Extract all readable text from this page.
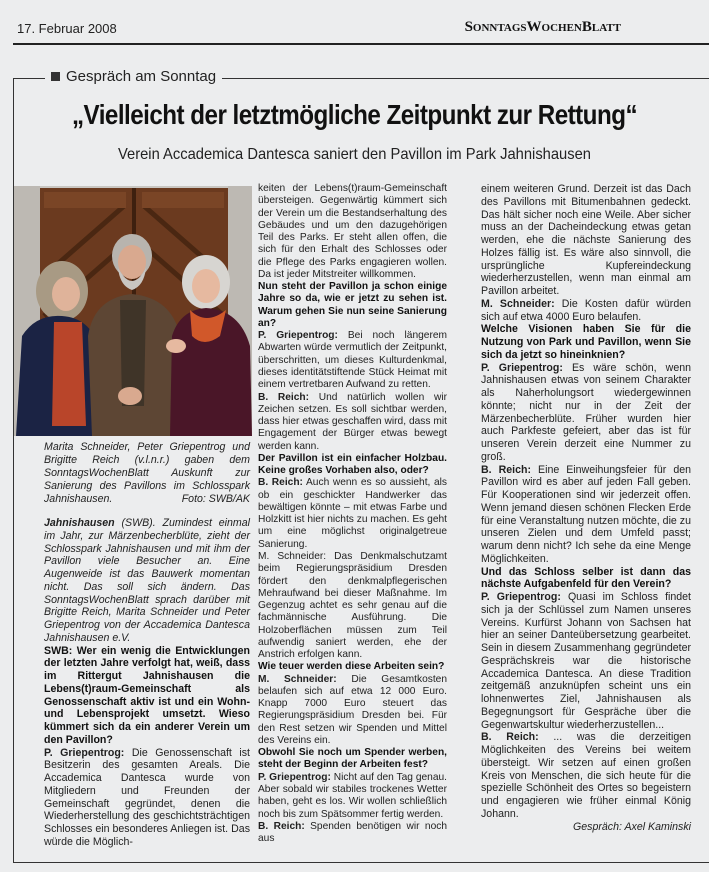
17. Februar 2008	SonntagsWochenBlatt
Gespräch am Sonntag
„Vielleicht der letztmögliche Zeitpunkt zur Rettung“
Verein Accademica Dantesca saniert den Pavillon im Park Jahnishausen
Marita Schneider, Peter Griepentrog und Brigitte Reich (v.l.n.r.) gaben dem SonntagsWochenBlatt Auskunft zur Sanierung des Pavillons im Schlosspark Jahnishausen.	Foto: SWB/AK

Jahnishausen (SWB). Zumindest einmal im Jahr, zur Märzenbecherblüte, zieht der Schlosspark Jahnishausen und mit ihm der Pavillon viele Besucher an. Eine Augenweide ist das Bauwerk momentan nicht. Das soll sich ändern. Das SonntagsWochenBlatt sprach darüber mit Brigitte Reich, Marita Schneider und Peter Griepentrog von der Accademica Dantesca Jahnishausen e.V.

SWB: Wer ein wenig die Entwicklungen der letzten Jahre verfolgt hat, weiß, dass im Rittergut Jahnishausen die Lebens(t)raum-Gemeinschaft als Genossenschaft aktiv ist und ein Wohn- und Lebensprojekt umsetzt. Wieso kümmert sich da ein anderer Verein um den Pavillon?

P. Griepentrog: Die Genossenschaft ist Besitzerin des gesamten Areals. Die Accademica Dantesca wurde von Mitgliedern und Freunden der Gemeinschaft gegründet, denen die Wiederherstellung des geschichtsträchtigen Schlosses ein besonderes Anliegen ist. Das würde die Möglich-

keiten der Lebens(t)raum-Gemeinschaft übersteigen. Gegenwärtig kümmert sich der Verein um die Bestandserhaltung des Gebäudes und um den dazugehörigen Teil des Parks. Er steht allen offen, die sich für den Erhalt des Schlosses oder die Pflege des Parks engagieren wollen. Da ist jeder Mitstreiter willkommen.

Nun steht der Pavillon ja schon einige Jahre so da, wie er jetzt zu sehen ist. Warum gehen Sie nun seine Sanierung an?

P. Griepentrog: Bei noch längerem Abwarten würde vermutlich der Zeitpunkt, überschritten, um dieses Kulturdenkmal, dieses identitätstiftende Stück Heimat mit einem vertretbaren Aufwand zu retten.

B. Reich: Und natürlich wollen wir Zeichen setzen. Es soll sichtbar werden, dass hier etwas geschaffen wird, dass mit Engagement der Bürger etwas bewegt werden kann.

Der Pavillon ist ein einfacher Holzbau. Keine großes Vorhaben also, oder?

B. Reich: Auch wenn es so aussieht, als ob ein geschickter Handwerker das bewältigen könnte – mit etwas Farbe und Holzkitt ist hier nichts zu machen. Es geht um eine möglichst originalgetreue Sanierung.

M. Schneider: Das Denkmalschutzamt beim Regierungspräsidium Dresden fördert den denkmalpflegerischen Mehraufwand bei dieser Maßnahme. Im Gegenzug achtet es sehr genau auf die fachmännische Ausführung. Die Holzoberflächen müssen zum Teil aufwendig saniert werden, ehe der Anstrich erfolgen kann.

Wie teuer werden diese Arbeiten sein?

M. Schneider: Die Gesamtkosten belaufen sich auf etwa 12 000 Euro. Knapp 7000 Euro steuert das Regierungspräsidium Dresden bei. Für den Rest setzen wir Spenden und Mittel des Vereins ein.

Obwohl Sie noch um Spender werben, steht der Beginn der Arbeiten fest?

P. Griepentrog: Nicht auf den Tag genau. Aber sobald wir stabiles trockenes Wetter haben, geht es los. Wir wollen schließlich noch bis zum Spätsommer fertig werden.

B. Reich: Spenden benötigen wir noch aus

einem weiteren Grund. Derzeit ist das Dach des Pavillons mit Bitumenbahnen gedeckt. Das hält sicher noch eine Weile. Aber sicher muss an der Dacheindeckung etwas getan werden, ehe die nächste Sanierung des Holzes fällig ist. Es wäre also sinnvoll, die ursprüngliche Kupfereindeckung wiederherzustellen, wenn man einmal am Pavillon arbeitet.

M. Schneider: Die Kosten dafür würden sich auf etwa 4000 Euro belaufen.

Welche Visionen haben Sie für die Nutzung von Park und Pavillon, wenn Sie sich da jetzt so hineinknien?

P. Griepentrog: Es wäre schön, wenn Jahnishausen etwas von seinem Charakter als Naherholungsort wiedergewinnen könnte; nicht nur in der Zeit der Märzenbecherblüte. Früher wurden hier auch Parkfeste gefeiert, aber das ist für unseren Verein derzeit eine Nummer zu groß.

B. Reich: Eine Einweihungsfeier für den Pavillon wird es aber auf jeden Fall geben. Für Kooperationen sind wir jederzeit offen. Wenn jemand diesen schönen Flecken Erde für eine Veranstaltung nutzen möchte, die zu unseren Zielen und dem Umfeld passt; warum denn nicht? Ich sehe da eine Menge Möglichkeiten.

Und das Schloss selber ist dann das nächste Aufgabenfeld für den Verein?

P. Griepentrog: Quasi im Schloss findet sich ja der Schlüssel zum Namen unseres Vereins. Kurfürst Johann von Sachsen hat hier an seiner Danteübersetzung gearbeitet. Sein in diesem Zusammenhang gegründeter Gesprächskreis war die historische Accademica Dantesca. An diese Tradition zeitgemäß anzuknüpfen scheint uns ein lohnenwertes Ziel, Jahnishausen als Begegnungsort für Gespräche über die Gegenwartskultur wiederherzustellen...

B. Reich: ... was die derzeitigen Möglichkeiten des Vereins bei weitem übersteigt. Wir setzen auf einen großen Kreis von Menschen, die sich heute für die spezielle Schönheit des Ortes so begeistern und engagieren wie früher einmal König Johann.

Gespräch: Axel Kaminski
